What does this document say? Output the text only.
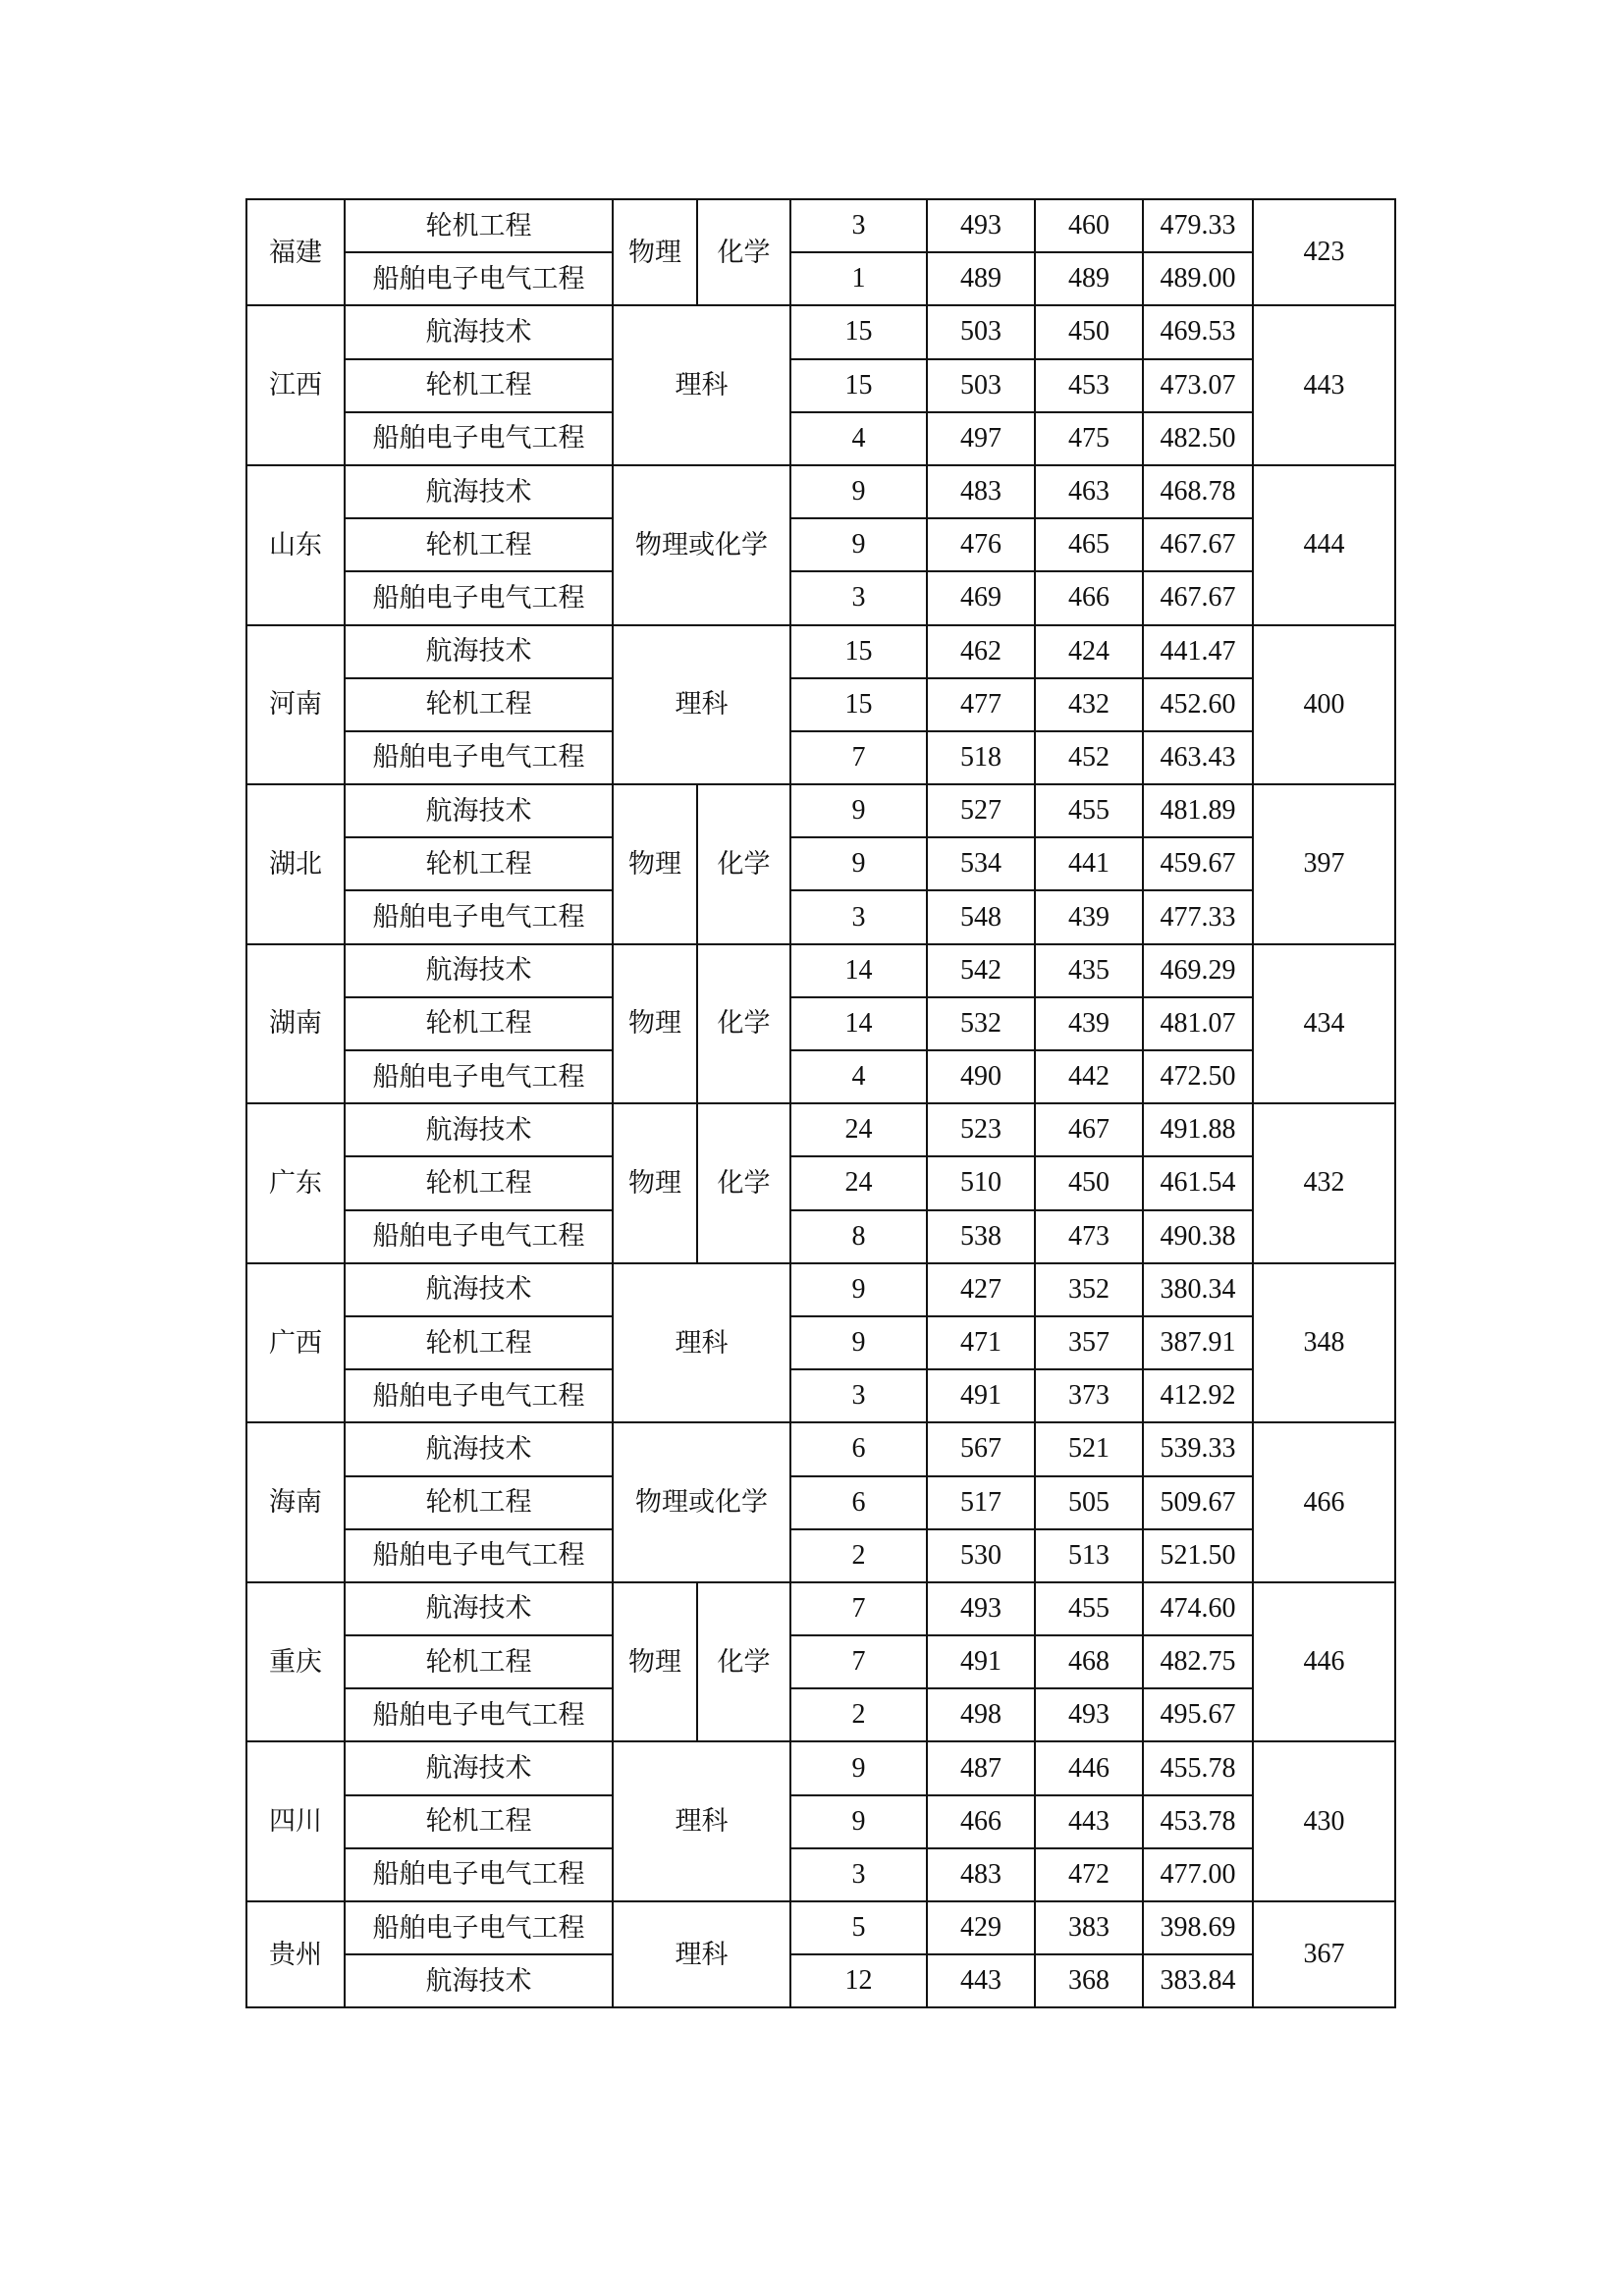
福建	轮机工程	物理	化学	3	493	460	479.33	423
	船舶电子电气工程			1	489	489	489.00	
江西	航海技术	理科		15	503	450	469.53	443
	轮机工程			15	503	453	473.07	
	船舶电子电气工程			4	497	475	482.50	
山东	航海技术	物理或化学		9	483	463	468.78	444
	轮机工程			9	476	465	467.67	
	船舶电子电气工程			3	469	466	467.67	
河南	航海技术	理科		15	462	424	441.47	400
	轮机工程			15	477	432	452.60	
	船舶电子电气工程			7	518	452	463.43	
湖北	航海技术	物理	化学	9	527	455	481.89	397
	轮机工程			9	534	441	459.67	
	船舶电子电气工程			3	548	439	477.33	
湖南	航海技术	物理	化学	14	542	435	469.29	434
	轮机工程			14	532	439	481.07	
	船舶电子电气工程			4	490	442	472.50	
广东	航海技术	物理	化学	24	523	467	491.88	432
	轮机工程			24	510	450	461.54	
	船舶电子电气工程			8	538	473	490.38	
广西	航海技术	理科		9	427	352	380.34	348
	轮机工程			9	471	357	387.91	
	船舶电子电气工程			3	491	373	412.92	
海南	航海技术	物理或化学		6	567	521	539.33	466
	轮机工程			6	517	505	509.67	
	船舶电子电气工程			2	530	513	521.50	
重庆	航海技术	物理	化学	7	493	455	474.60	446
	轮机工程			7	491	468	482.75	
	船舶电子电气工程			2	498	493	495.67	
四川	航海技术	理科		9	487	446	455.78	430
	轮机工程			9	466	443	453.78	
	船舶电子电气工程			3	483	472	477.00	
贵州	船舶电子电气工程	理科		5	429	383	398.69	367
	航海技术			12	443	368	383.84	
